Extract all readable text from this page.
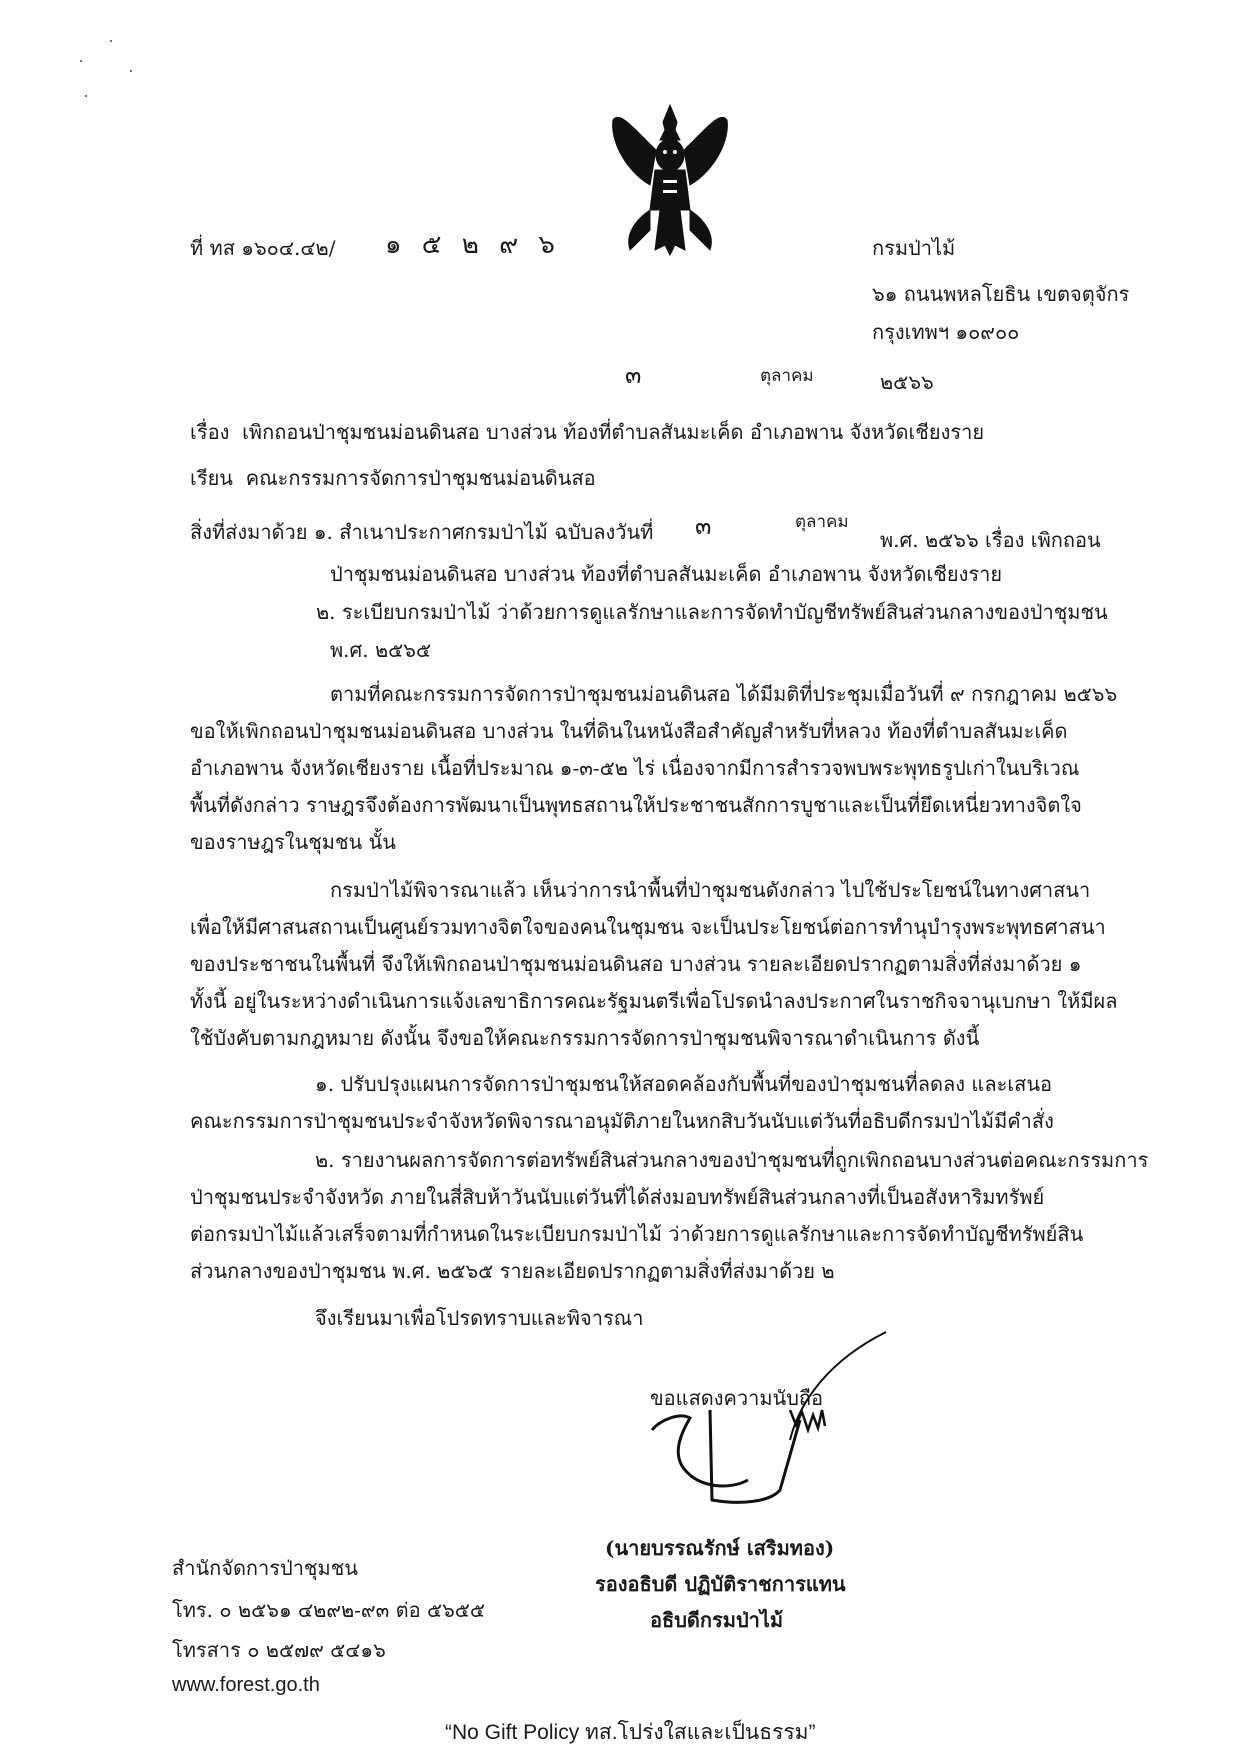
ที่ ทส ๑๖๐๔.๔๒/ ๑ ๕ ๒ ๙ ๖	กรมป่าไม้
๖๑ ถนนพหลโยธิน เขตจตุจักร
กรุงเทพฯ ๑๐๙๐๐
๓	ตุลาคม	๒๕๖๖
เรื่อง เพิกถอนป่าชุมชนม่อนดินสอ บางส่วน ท้องที่ตำบลสันมะเค็ด อำเภอพาน จังหวัดเชียงราย
เรียน คณะกรรมการจัดการป่าชุมชนม่อนดินสอ
สิ่งที่ส่งมาด้วย ๑. สำเนาประกาศกรมป่าไม้ ฉบับลงวันที่ ๓	ตุลาคม
พ.ศ. ๒๕๖๖ เรื่อง เพิกถอน
ป่าชุมชนม่อนดินสอ บางส่วน ท้องที่ตำบลสันมะเค็ด อำเภอพาน จังหวัดเชียงราย
๒. ระเบียบกรมป่าไม้ ว่าด้วยการดูแลรักษาและการจัดทำบัญชีทรัพย์สินส่วนกลางของป่าชุมชน
พ.ศ. ๒๕๖๕
ตามที่คณะกรรมการจัดการป่าชุมชนม่อนดินสอ ได้มีมติที่ประชุมเมื่อวันที่ ๙ กรกฎาคม ๒๕๖๖
ขอให้เพิกถอนป่าชุมชนม่อนดินสอ บางส่วน ในที่ดินในหนังสือสำคัญสำหรับที่หลวง ท้องที่ตำบลสันมะเค็ด
อำเภอพาน จังหวัดเชียงราย เนื้อที่ประมาณ ๑-๓-๕๒ ไร่ เนื่องจากมีการสำรวจพบพระพุทธรูปเก่าในบริเวณ
พื้นที่ดังกล่าว ราษฎรจึงต้องการพัฒนาเป็นพุทธสถานให้ประชาชนสักการบูชาและเป็นที่ยึดเหนี่ยวทางจิตใจ
ของราษฎรในชุมชน นั้น
กรมป่าไม้พิจารณาแล้ว เห็นว่าการนำพื้นที่ป่าชุมชนดังกล่าว ไปใช้ประโยชน์ในทางศาสนา
เพื่อให้มีศาสนสถานเป็นศูนย์รวมทางจิตใจของคนในชุมชน จะเป็นประโยชน์ต่อการทำนุบำรุงพระพุทธศาสนา
ของประชาชนในพื้นที่ จึงให้เพิกถอนป่าชุมชนม่อนดินสอ บางส่วน รายละเอียดปรากฏตามสิ่งที่ส่งมาด้วย ๑
ทั้งนี้ อยู่ในระหว่างดำเนินการแจ้งเลขาธิการคณะรัฐมนตรีเพื่อโปรดนำลงประกาศในราชกิจจานุเบกษา ให้มีผล
ใช้บังคับตามกฎหมาย ดังนั้น จึงขอให้คณะกรรมการจัดการป่าชุมชนพิจารณาดำเนินการ ดังนี้
๑. ปรับปรุงแผนการจัดการป่าชุมชนให้สอดคล้องกับพื้นที่ของป่าชุมชนที่ลดลง และเสนอ
คณะกรรมการป่าชุมชนประจำจังหวัดพิจารณาอนุมัติภายในหกสิบวันนับแต่วันที่อธิบดีกรมป่าไม้มีคำสั่ง
๒. รายงานผลการจัดการต่อทรัพย์สินส่วนกลางของป่าชุมชนที่ถูกเพิกถอนบางส่วนต่อคณะกรรมการ
ป่าชุมชนประจำจังหวัด ภายในสี่สิบห้าวันนับแต่วันที่ได้ส่งมอบทรัพย์สินส่วนกลางที่เป็นอสังหาริมทรัพย์
ต่อกรมป่าไม้แล้วเสร็จตามที่กำหนดในระเบียบกรมป่าไม้ ว่าด้วยการดูแลรักษาและการจัดทำบัญชีทรัพย์สิน
ส่วนกลางของป่าชุมชน พ.ศ. ๒๕๖๕ รายละเอียดปรากฏตามสิ่งที่ส่งมาด้วย ๒
จึงเรียนมาเพื่อโปรดทราบและพิจารณา
ขอแสดงความนับถือ
(นายบรรณรักษ์ เสริมทอง)
รองอธิบดี ปฏิบัติราชการแทน
อธิบดีกรมป่าไม้
สำนักจัดการป่าชุมชน
โทร. ๐ ๒๕๖๑ ๔๒๙๒-๙๓ ต่อ ๕๖๕๕
โทรสาร ๐ ๒๕๗๙ ๕๔๑๖
www.forest.go.th
“No Gift Policy ทส.โปร่งใสและเป็นธรรม”
